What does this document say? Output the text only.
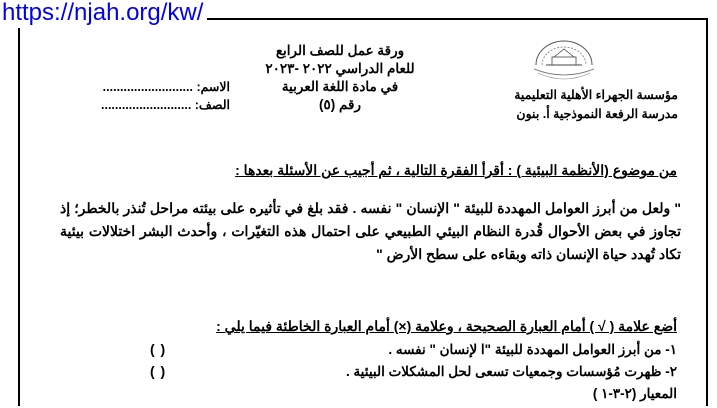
https://njah.org/kw/
مؤسسة الجهراء الأهلية التعليمية
مدرسة الرفعة النموذجية أ. بنون
ورقة عمل للصف الرابع
للعام الدراسي ٢٠٢٢ -٢٠٢٣
في مادة اللغة العربية
رقم (٥)
الاسم: ..........................
الصف: ..........................
من موضوع (الأنظمة البيئية ) : أقرأ الفقرة التالية ، ثم أجيب عن الأسئلة بعدها :
" ولعل من أبرز العوامل المهددة للبيئة " الإنسان " نفسه . فقد بلغ في تأثيره على بيئته مراحل تُنذر بالخطر؛ إذ تجاوز في بعض الأحوال قُدرة النظام البيئي الطبيعي على احتمال هذه التغيّرات ، وأحدث البشر اختلالات بيئية تكاد تُهدد حياة الإنسان ذاته وبقاءه على سطح الأرض "
أضع علامة ( √ ) أمام العبارة الصحيحة ، وعلامة (×) أمام العبارة الخاطئة فيما يلي :
١- من أبرز العوامل المهددة للبيئة "ا لإنسان " نفسه .
( )
٢- ظهرت مُؤسسات وجمعيات تسعى لحل المشكلات البيئية .
( )
المعيار (٢-٣-١ )
